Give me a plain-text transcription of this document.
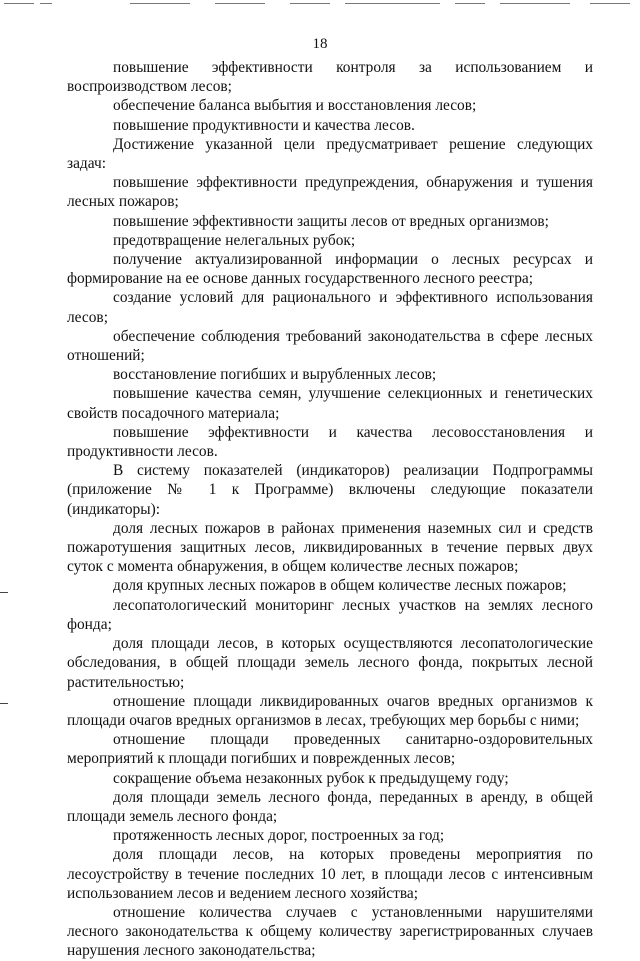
18

повышение эффективности контроля за использованием и воспроизводством лесов;

обеспечение баланса выбытия и восстановления лесов;

повышение продуктивности и качества лесов.

Достижение указанной цели предусматривает решение следующих задач:

повышение эффективности предупреждения, обнаружения и тушения лесных пожаров;

повышение эффективности защиты лесов от вредных организмов;

предотвращение нелегальных рубок;

получение актуализированной информации о лесных ресурсах и формирование на ее основе данных государственного лесного реестра;

создание условий для рационального и эффективного использования лесов;

обеспечение соблюдения требований законодательства в сфере лесных отношений;

восстановление погибших и вырубленных лесов;

повышение качества семян, улучшение селекционных и генетических свойств посадочного материала;

повышение эффективности и качества лесовосстановления и продуктивности лесов.

В систему показателей (индикаторов) реализации Подпрограммы (приложение № 1 к Программе) включены следующие показатели (индикаторы):

доля лесных пожаров в районах применения наземных сил и средств пожаротушения защитных лесов, ликвидированных в течение первых двух суток с момента обнаружения, в общем количестве лесных пожаров;

доля крупных лесных пожаров в общем количестве лесных пожаров;

лесопатологический мониторинг лесных участков на землях лесного фонда;

доля площади лесов, в которых осуществляются лесопатологические обследования, в общей площади земель лесного фонда, покрытых лесной растительностью;

отношение площади ликвидированных очагов вредных организмов к площади очагов вредных организмов в лесах, требующих мер борьбы с ними;

отношение площади проведенных санитарно-оздоровительных мероприятий к площади погибших и поврежденных лесов;

сокращение объема незаконных рубок к предыдущему году;

доля площади земель лесного фонда, переданных в аренду, в общей площади земель лесного фонда;

протяженность лесных дорог, построенных за год;

доля площади лесов, на которых проведены мероприятия по лесоустройству в течение последних 10 лет, в площади лесов с интенсивным использованием лесов и ведением лесного хозяйства;

отношение количества случаев с установленными нарушителями лесного законодательства к общему количеству зарегистрированных случаев нарушения лесного законодательства;
